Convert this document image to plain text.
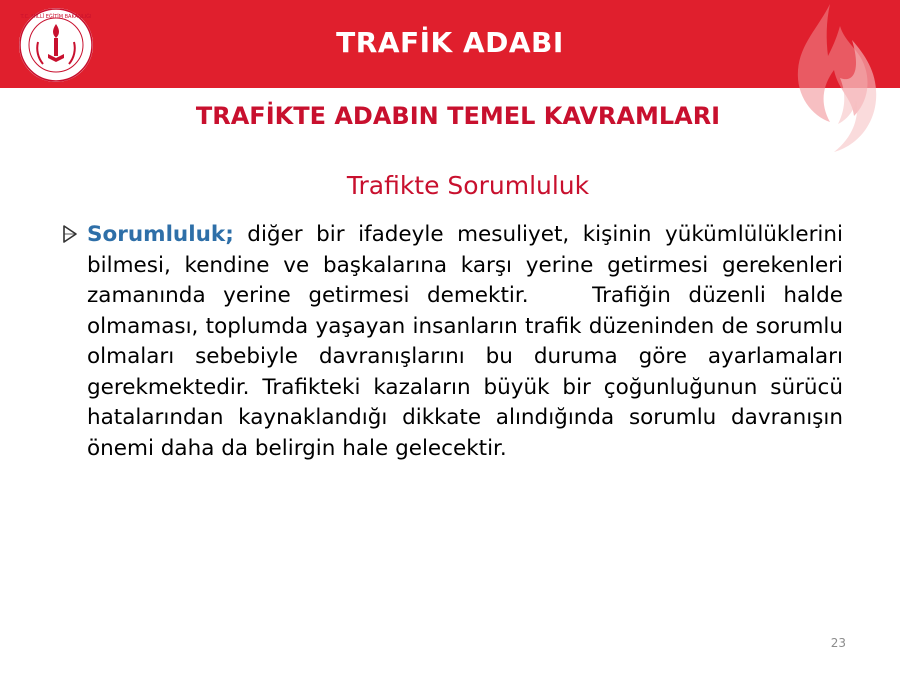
T.C. MİLLÎ EĞİTİM BAKANLIĞI
TRAFİK ADABI
TRAFİKTE ADABIN TEMEL KAVRAMLARI
Trafikte Sorumluluk
Sorumluluk; diğer bir ifadeyle mesuliyet, kişinin yükümlülüklerini bilmesi, kendine ve başkalarına karşı yerine getirmesi gerekenleri zamanında yerine getirmesi demektir.	Trafiğin düzenli halde olmaması, toplumda yaşayan insanların trafik düzeninden de sorumlu olmaları sebebiyle davranışlarını bu duruma göre ayarlamaları gerekmektedir. Trafikteki kazaların büyük bir çoğunluğunun sürücü hatalarından kaynaklandığı dikkate alındığında sorumlu davranışın önemi daha da belirgin hale gelecektir.
23
